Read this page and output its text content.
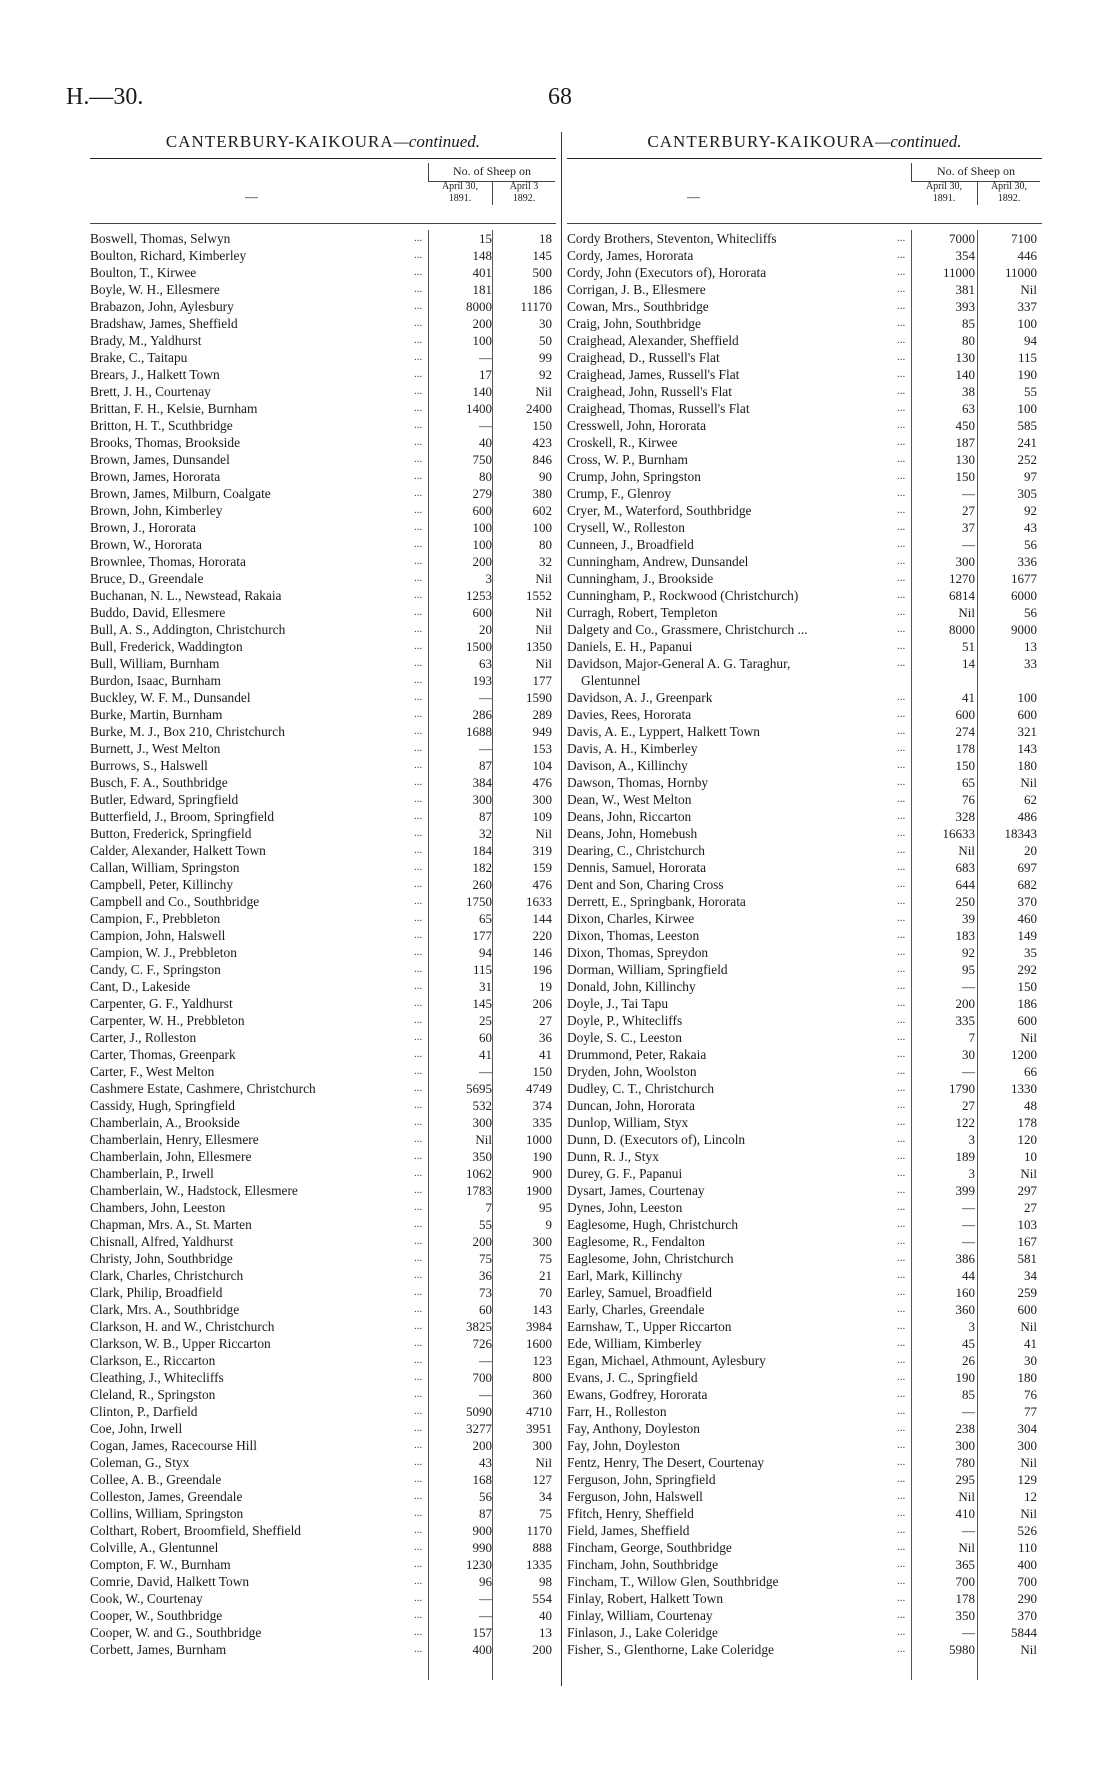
H.—30.	68
CANTERBURY-KAIKOURA—continued.
—
No. of Sheep on
April 30,
1891.
April 3
1892.
Boswell, Thomas, Selwyn	...	15	18
Boulton, Richard, Kimberley	...	148	145
Boulton, T., Kirwee	...	401	500
Boyle, W. H., Ellesmere	...	181	186
Brabazon, John, Aylesbury	...	8000	11170
Bradshaw, James, Sheffield	...	200	30
Brady, M., Yaldhurst	...	100	50
Brake, C., Taitapu	...	—	99
Brears, J., Halkett Town	...	17	92
Brett, J. H., Courtenay	...	140	Nil
Brittan, F. H., Kelsie, Burnham	...	1400	2400
Britton, H. T., Scuthbridge	...	—	150
Brooks, Thomas, Brookside	...	40	423
Brown, James, Dunsandel	...	750	846
Brown, James, Hororata	...	80	90
Brown, James, Milburn, Coalgate	...	279	380
Brown, John, Kimberley	...	600	602
Brown, J., Hororata	...	100	100
Brown, W., Hororata	...	100	80
Brownlee, Thomas, Hororata	...	200	32
Bruce, D., Greendale	...	3	Nil
Buchanan, N. L., Newstead, Rakaia	...	1253	1552
Buddo, David, Ellesmere	...	600	Nil
Bull, A. S., Addington, Christchurch	...	20	Nil
Bull, Frederick, Waddington	...	1500	1350
Bull, William, Burnham	...	63	Nil
Burdon, Isaac, Burnham	...	193	177
Buckley, W. F. M., Dunsandel	...	—	1590
Burke, Martin, Burnham	...	286	289
Burke, M. J., Box 210, Christchurch	...	1688	949
Burnett, J., West Melton	...	—	153
Burrows, S., Halswell	...	87	104
Busch, F. A., Southbridge	...	384	476
Butler, Edward, Springfield	...	300	300
Butterfield, J., Broom, Springfield	...	87	109
Button, Frederick, Springfield	...	32	Nil
Calder, Alexander, Halkett Town	...	184	319
Callan, William, Springston	...	182	159
Campbell, Peter, Killinchy	...	260	476
Campbell and Co., Southbridge	...	1750	1633
Campion, F., Prebbleton	...	65	144
Campion, John, Halswell	...	177	220
Campion, W. J., Prebbleton	...	94	146
Candy, C. F., Springston	...	115	196
Cant, D., Lakeside	...	31	19
Carpenter, G. F., Yaldhurst	...	145	206
Carpenter, W. H., Prebbleton	...	25	27
Carter, J., Rolleston	...	60	36
Carter, Thomas, Greenpark	...	41	41
Carter, F., West Melton	...	—	150
Cashmere Estate, Cashmere, Christchurch	...	5695	4749
Cassidy, Hugh, Springfield	...	532	374
Chamberlain, A., Brookside	...	300	335
Chamberlain, Henry, Ellesmere	...	Nil	1000
Chamberlain, John, Ellesmere	...	350	190
Chamberlain, P., Irwell	...	1062	900
Chamberlain, W., Hadstock, Ellesmere	...	1783	1900
Chambers, John, Leeston	...	7	95
Chapman, Mrs. A., St. Marten	...	55	9
Chisnall, Alfred, Yaldhurst	...	200	300
Christy, John, Southbridge	...	75	75
Clark, Charles, Christchurch	...	36	21
Clark, Philip, Broadfield	...	73	70
Clark, Mrs. A., Southbridge	...	60	143
Clarkson, H. and W., Christchurch	...	3825	3984
Clarkson, W. B., Upper Riccarton	...	726	1600
Clarkson, E., Riccarton	...	—	123
Cleathing, J., Whitecliffs	...	700	800
Cleland, R., Springston	...	—	360
Clinton, P., Darfield	...	5090	4710
Coe, John, Irwell	...	3277	3951
Cogan, James, Racecourse Hill	...	200	300
Coleman, G., Styx	...	43	Nil
Collee, A. B., Greendale	...	168	127
Colleston, James, Greendale	...	56	34
Collins, William, Springston	...	87	75
Colthart, Robert, Broomfield, Sheffield	...	900	1170
Colville, A., Glentunnel	...	990	888
Compton, F. W., Burnham	...	1230	1335
Comrie, David, Halkett Town	...	96	98
Cook, W., Courtenay	...	—	554
Cooper, W., Southbridge	...	—	40
Cooper, W. and G., Southbridge	...	157	13
Corbett, James, Burnham	...	400	200
CANTERBURY-KAIKOURA—continued.
—
No. of Sheep on
April 30,
1891.
April 30,
1892.
Cordy Brothers, Steventon, Whitecliffs	...	7000	7100
Cordy, James, Hororata	...	354	446
Cordy, John (Executors of), Hororata	...	11000	11000
Corrigan, J. B., Ellesmere	...	381	Nil
Cowan, Mrs., Southbridge	...	393	337
Craig, John, Southbridge	...	85	100
Craighead, Alexander, Sheffield	...	80	94
Craighead, D., Russell's Flat	...	130	115
Craighead, James, Russell's Flat	...	140	190
Craighead, John, Russell's Flat	...	38	55
Craighead, Thomas, Russell's Flat	...	63	100
Cresswell, John, Hororata	...	450	585
Croskell, R., Kirwee	...	187	241
Cross, W. P., Burnham	...	130	252
Crump, John, Springston	...	150	97
Crump, F., Glenroy	...	—	305
Cryer, M., Waterford, Southbridge	...	27	92
Crysell, W., Rolleston	...	37	43
Cunneen, J., Broadfield	...	—	56
Cunningham, Andrew, Dunsandel	...	300	336
Cunningham, J., Brookside	...	1270	1677
Cunningham, P., Rockwood (Christchurch)	...	6814	6000
Curragh, Robert, Templeton	...	Nil	56
Dalgety and Co., Grassmere, Christchurch ...	...	8000	9000
Daniels, E. H., Papanui	...	51	13
Davidson, Major-General A. G. Taraghur,	...	14	33
Glentunnel
Davidson, A. J., Greenpark	...	41	100
Davies, Rees, Hororata	...	600	600
Davis, A. E., Lyppert, Halkett Town	...	274	321
Davis, A. H., Kimberley	...	178	143
Davison, A., Killinchy	...	150	180
Dawson, Thomas, Hornby	...	65	Nil
Dean, W., West Melton	...	76	62
Deans, John, Riccarton	...	328	486
Deans, John, Homebush	...	16633	18343
Dearing, C., Christchurch	...	Nil	20
Dennis, Samuel, Hororata	...	683	697
Dent and Son, Charing Cross	...	644	682
Derrett, E., Springbank, Hororata	...	250	370
Dixon, Charles, Kirwee	...	39	460
Dixon, Thomas, Leeston	...	183	149
Dixon, Thomas, Spreydon	...	92	35
Dorman, William, Springfield	...	95	292
Donald, John, Killinchy	...	—	150
Doyle, J., Tai Tapu	...	200	186
Doyle, P., Whitecliffs	...	335	600
Doyle, S. C., Leeston	...	7	Nil
Drummond, Peter, Rakaia	...	30	1200
Dryden, John, Woolston	...	—	66
Dudley, C. T., Christchurch	...	1790	1330
Duncan, John, Hororata	...	27	48
Dunlop, William, Styx	...	122	178
Dunn, D. (Executors of), Lincoln	...	3	120
Dunn, R. J., Styx	...	189	10
Durey, G. F., Papanui	...	3	Nil
Dysart, James, Courtenay	...	399	297
Dynes, John, Leeston	...	—	27
Eaglesome, Hugh, Christchurch	...	—	103
Eaglesome, R., Fendalton	...	—	167
Eaglesome, John, Christchurch	...	386	581
Earl, Mark, Killinchy	...	44	34
Earley, Samuel, Broadfield	...	160	259
Early, Charles, Greendale	...	360	600
Earnshaw, T., Upper Riccarton	...	3	Nil
Ede, William, Kimberley	...	45	41
Egan, Michael, Athmount, Aylesbury	...	26	30
Evans, J. C., Springfield	...	190	180
Ewans, Godfrey, Hororata	...	85	76
Farr, H., Rolleston	...	—	77
Fay, Anthony, Doyleston	...	238	304
Fay, John, Doyleston	...	300	300
Fentz, Henry, The Desert, Courtenay	...	780	Nil
Ferguson, John, Springfield	...	295	129
Ferguson, John, Halswell	...	Nil	12
Ffitch, Henry, Sheffield	...	410	Nil
Field, James, Sheffield	...	—	526
Fincham, George, Southbridge	...	Nil	110
Fincham, John, Southbridge	...	365	400
Fincham, T., Willow Glen, Southbridge	...	700	700
Finlay, Robert, Halkett Town	...	178	290
Finlay, William, Courtenay	...	350	370
Finlason, J., Lake Coleridge	...	—	5844
Fisher, S., Glenthorne, Lake Coleridge	...	5980	Nil
